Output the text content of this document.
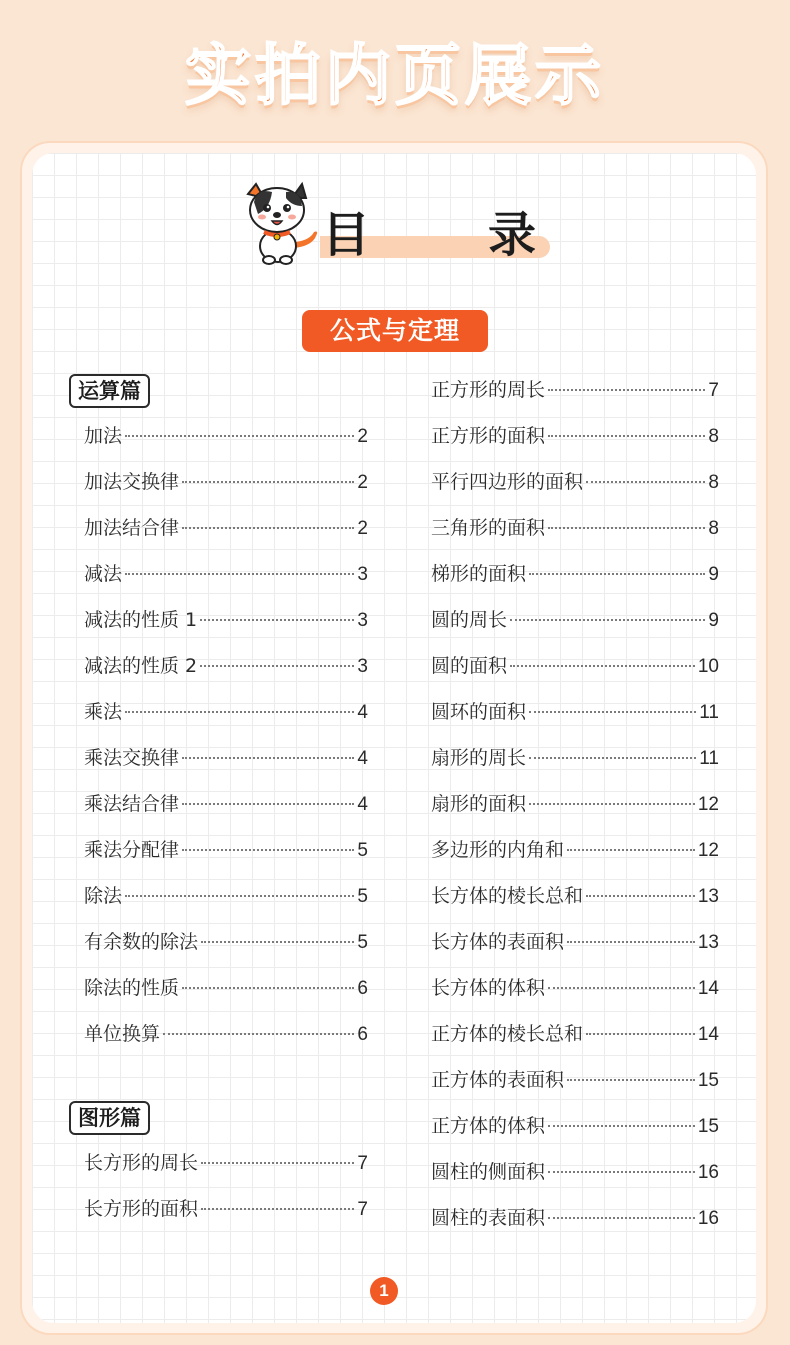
实拍内页展示
目 录
公式与定理
运算篇
图形篇
加法	2
加法交换律	2
加法结合律	2
减法	3
减法的性质 1	3
减法的性质 2	3
乘法	4
乘法交换律	4
乘法结合律	4
乘法分配律	5
除法	5
有余数的除法	5
除法的性质	6
单位换算	6
长方形的周长	7
长方形的面积	7
正方形的周长	7
正方形的面积	8
平行四边形的面积	8
三角形的面积	8
梯形的面积	9
圆的周长	9
圆的面积	10
圆环的面积	11
扇形的周长	11
扇形的面积	12
多边形的内角和	12
长方体的棱长总和	13
长方体的表面积	13
长方体的体积	14
正方体的棱长总和	14
正方体的表面积	15
正方体的体积	15
圆柱的侧面积	16
圆柱的表面积	16
1
